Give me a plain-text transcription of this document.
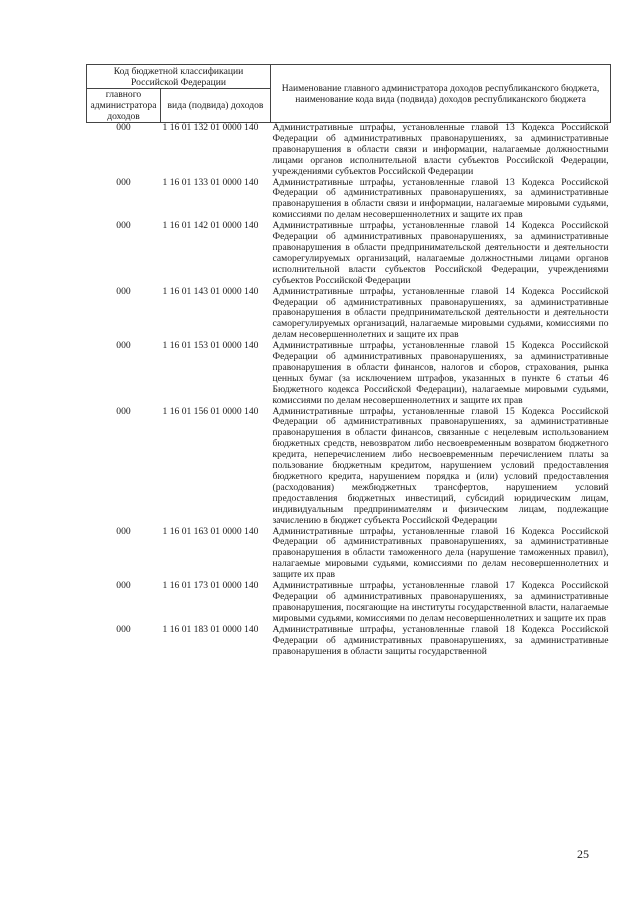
Код бюджетной классификации Российской Федерации		Наименование главного администратора доходов республиканского бюджета, наименование кода вида (подвида) доходов республиканского бюджета
главного администратора доходов	вида (подвида) доходов	
000	1 16 01 132 01 0000 140	Административные штрафы, установленные главой 13 Кодекса Российской Федерации об административных правонарушениях, за административные правонарушения в области связи и информации, налагаемые должностными лицами органов исполнительной власти субъектов Российской Федерации, учреждениями субъектов Российской Федерации
000	1 16 01 133 01 0000 140	Административные штрафы, установленные главой 13 Кодекса Российской Федерации об административных правонарушениях, за административные правонарушения в области связи и информации, налагаемые мировыми судьями, комиссиями по делам несовершеннолетних и защите их прав
000	1 16 01 142 01 0000 140	Административные штрафы, установленные главой 14 Кодекса Российской Федерации об административных правонарушениях, за административные правонарушения в области предпринимательской деятельности и деятельности саморегулируемых организаций, налагаемые должностными лицами органов исполнительной власти субъектов Российской Федерации, учреждениями субъектов Российской Федерации
000	1 16 01 143 01 0000 140	Административные штрафы, установленные главой 14 Кодекса Российской Федерации об административных правонарушениях, за административные правонарушения в области предпринимательской деятельности и деятельности саморегулируемых организаций, налагаемые мировыми судьями, комиссиями по делам несовершеннолетних и защите их прав
000	1 16 01 153 01 0000 140	Административные штрафы, установленные главой 15 Кодекса Российской Федерации об административных правонарушениях, за административные правонарушения в области финансов, налогов и сборов, страхования, рынка ценных бумаг (за исключением штрафов, указанных в пункте 6 статьи 46 Бюджетного кодекса Российской Федерации), налагаемые мировыми судьями, комиссиями по делам несовершеннолетних и защите их прав
000	1 16 01 156 01 0000 140	Административные штрафы, установленные главой 15 Кодекса Российской Федерации об административных правонарушениях, за административные правонарушения в области финансов, связанные с нецелевым использованием бюджетных средств, невозвратом либо несвоевременным возвратом бюджетного кредита, неперечислением либо несвоевременным перечислением платы за пользование бюджетным кредитом, нарушением условий предоставления бюджетного кредита, нарушением порядка и (или) условий предоставления (расходования) межбюджетных трансфертов, нарушением условий предоставления бюджетных инвестиций, субсидий юридическим лицам, индивидуальным предпринимателям и физическим лицам, подлежащие зачислению в бюджет субъекта Российской Федерации
000	1 16 01 163 01 0000 140	Административные штрафы, установленные главой 16 Кодекса Российской Федерации об административных правонарушениях, за административные правонарушения в области таможенного дела (нарушение таможенных правил), налагаемые мировыми судьями, комиссиями по делам несовершеннолетних и защите их прав
000	1 16 01 173 01 0000 140	Административные штрафы, установленные главой 17 Кодекса Российской Федерации об административных правонарушениях, за административные правонарушения, посягающие на институты государственной власти, налагаемые мировыми судьями, комиссиями по делам несовершеннолетних и защите их прав
000	1 16 01 183 01 0000 140	Административные штрафы, установленные главой 18 Кодекса Российской Федерации об административных правонарушениях, за административные правонарушения в области защиты государственной
25
